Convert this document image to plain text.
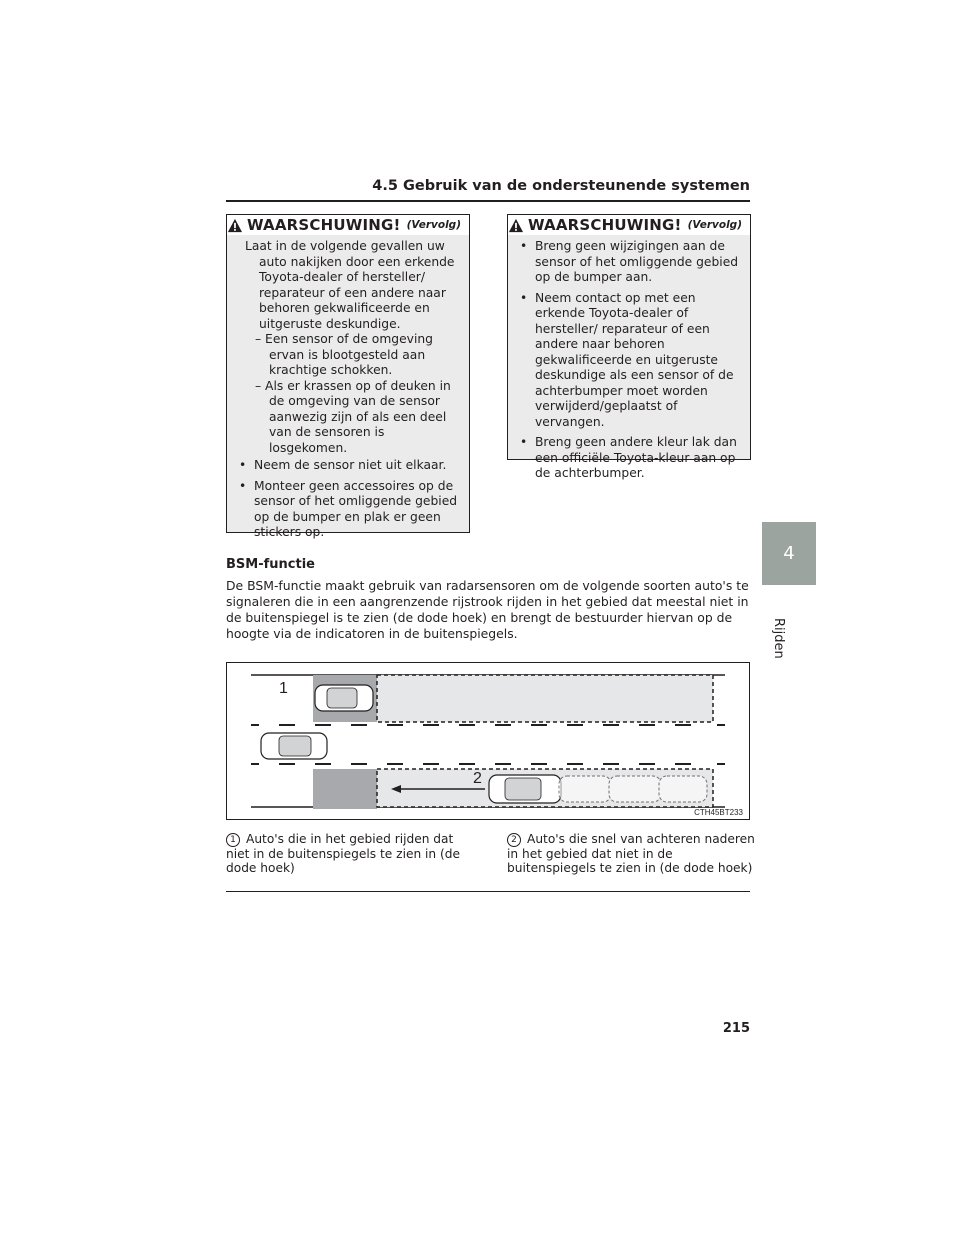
4.5 Gebruik van de ondersteunende systemen
WAARSCHUWING! (Vervolg)
Laat in de volgende gevallen uw auto nakijken door een erkende Toyota-dealer of hersteller/ reparateur of een andere naar behoren gekwalificeerde en uitgeruste deskundige.
– Een sensor of de omgeving ervan is blootgesteld aan krachtige schokken.
– Als er krassen op of deuken in de omgeving van de sensor aanwezig zijn of als een deel van de sensoren is losgekomen.
• Neem de sensor niet uit elkaar.
• Monteer geen accessoires op de sensor of het omliggende gebied op de bumper en plak er geen stickers op.
WAARSCHUWING! (Vervolg)
• Breng geen wijzigingen aan de sensor of het omliggende gebied op de bumper aan.
• Neem contact op met een erkende Toyota-dealer of hersteller/ reparateur of een andere naar behoren gekwalificeerde en uitgeruste deskundige als een sensor of de achterbumper moet worden verwijderd/geplaatst of vervangen.
• Breng geen andere kleur lak dan een officiële Toyota-kleur aan op de achterbumper.
BSM-functie
De BSM-functie maakt gebruik van radarsensoren om de volgende soorten auto's te signaleren die in een aangrenzende rijstrook rijden in het gebied dat meestal niet in de buitenspiegel is te zien (de dode hoek) en brengt de bestuurder hiervan op de hoogte via de indicatoren in de buitenspiegels.
1
2
CTH45BT233
1 Auto's die in het gebied rijden dat niet in de buitenspiegels te zien in (de dode hoek)
2 Auto's die snel van achteren naderen in het gebied dat niet in de buitenspiegels te zien in (de dode hoek)
4
Rijden
215
